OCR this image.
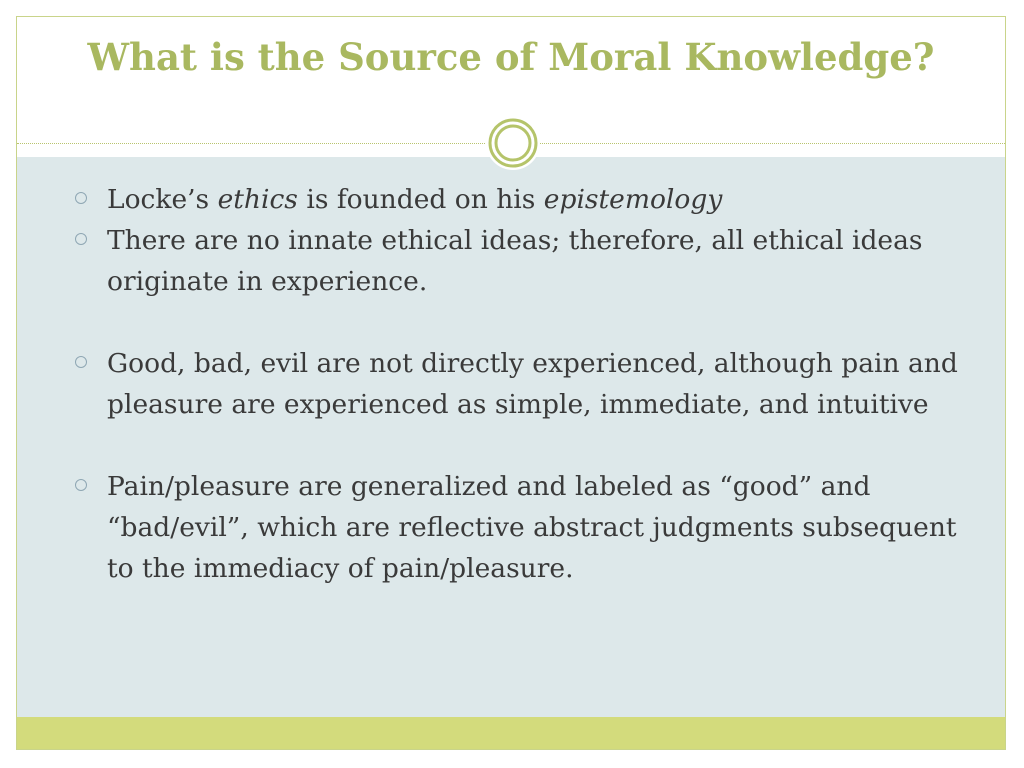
What is the Source of Moral Knowledge?
Locke’s ethics is founded on his epistemology
There are no innate ethical ideas; therefore, all ethical ideas originate in experience.
Good, bad, evil are not directly experienced, although pain and pleasure are experienced as simple, immediate, and intuitive
Pain/pleasure are generalized and labeled as “good” and “bad/evil”, which are reflective abstract judgments subsequent to the immediacy of pain/pleasure.
